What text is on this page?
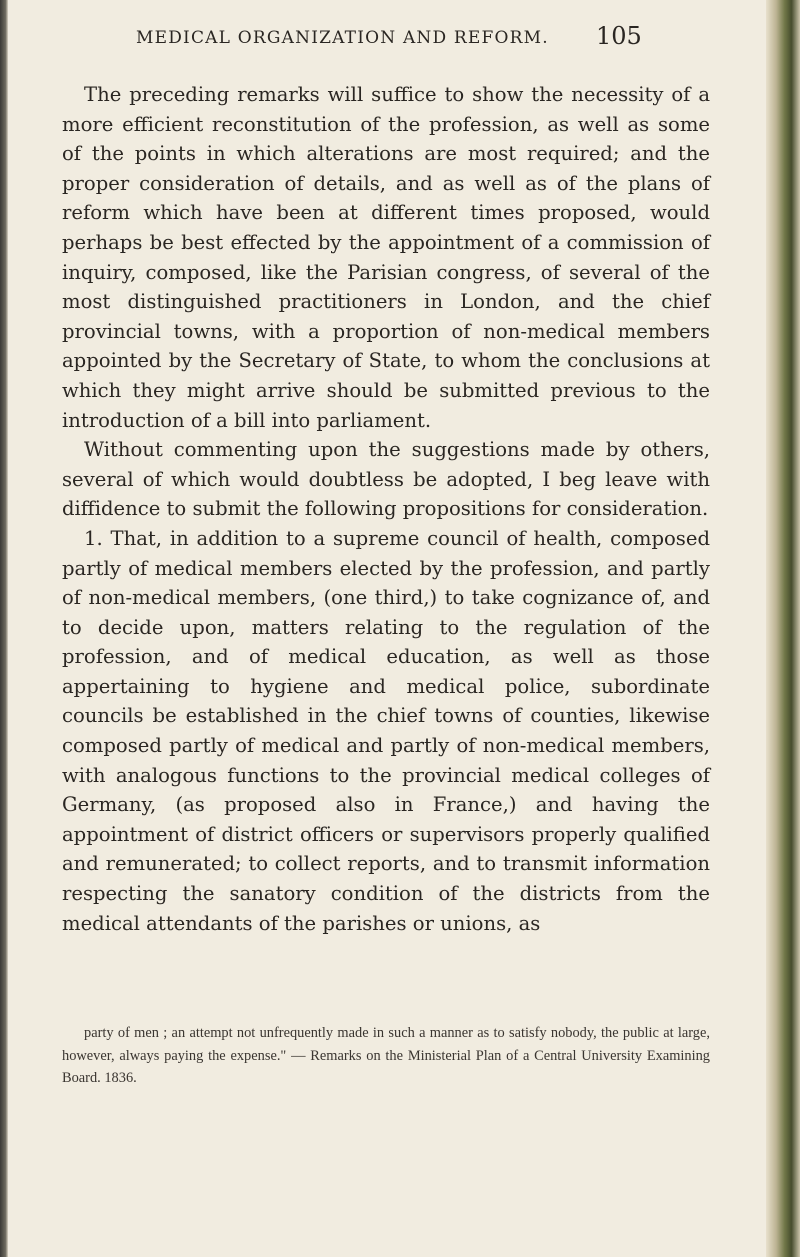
MEDICAL ORGANIZATION AND REFORM.	105

The preceding remarks will suffice to show the necessity of a more efficient reconstitution of the profession, as well as some of the points in which alterations are most required; and the proper consideration of details, and as well as of the plans of reform which have been at different times proposed, would perhaps be best effected by the appointment of a commission of inquiry, composed, like the Parisian congress, of several of the most distinguished practitioners in London, and the chief provincial towns, with a proportion of non-medical members appointed by the Secretary of State, to whom the conclusions at which they might arrive should be submitted previous to the introduction of a bill into parliament.

Without commenting upon the suggestions made by others, several of which would doubtless be adopted, I beg leave with diffidence to submit the following propositions for consideration.

1. That, in addition to a supreme council of health, composed partly of medical members elected by the profession, and partly of non-medical members, (one third,) to take cognizance of, and to decide upon, matters relating to the regulation of the profession, and of medical education, as well as those appertaining to hygiene and medical police, subordinate councils be established in the chief towns of counties, likewise composed partly of medical and partly of non-medical members, with analogous functions to the provincial medical colleges of Germany, (as proposed also in France,) and having the appointment of district officers or supervisors properly qualified and remunerated; to collect reports, and to transmit information respecting the sanatory condition of the districts from the medical attendants of the parishes or unions, as

party of men ; an attempt not unfrequently made in such a manner as to satisfy nobody, the public at large, however, always paying the expense." — Remarks on the Ministerial Plan of a Central University Examining Board. 1836.
